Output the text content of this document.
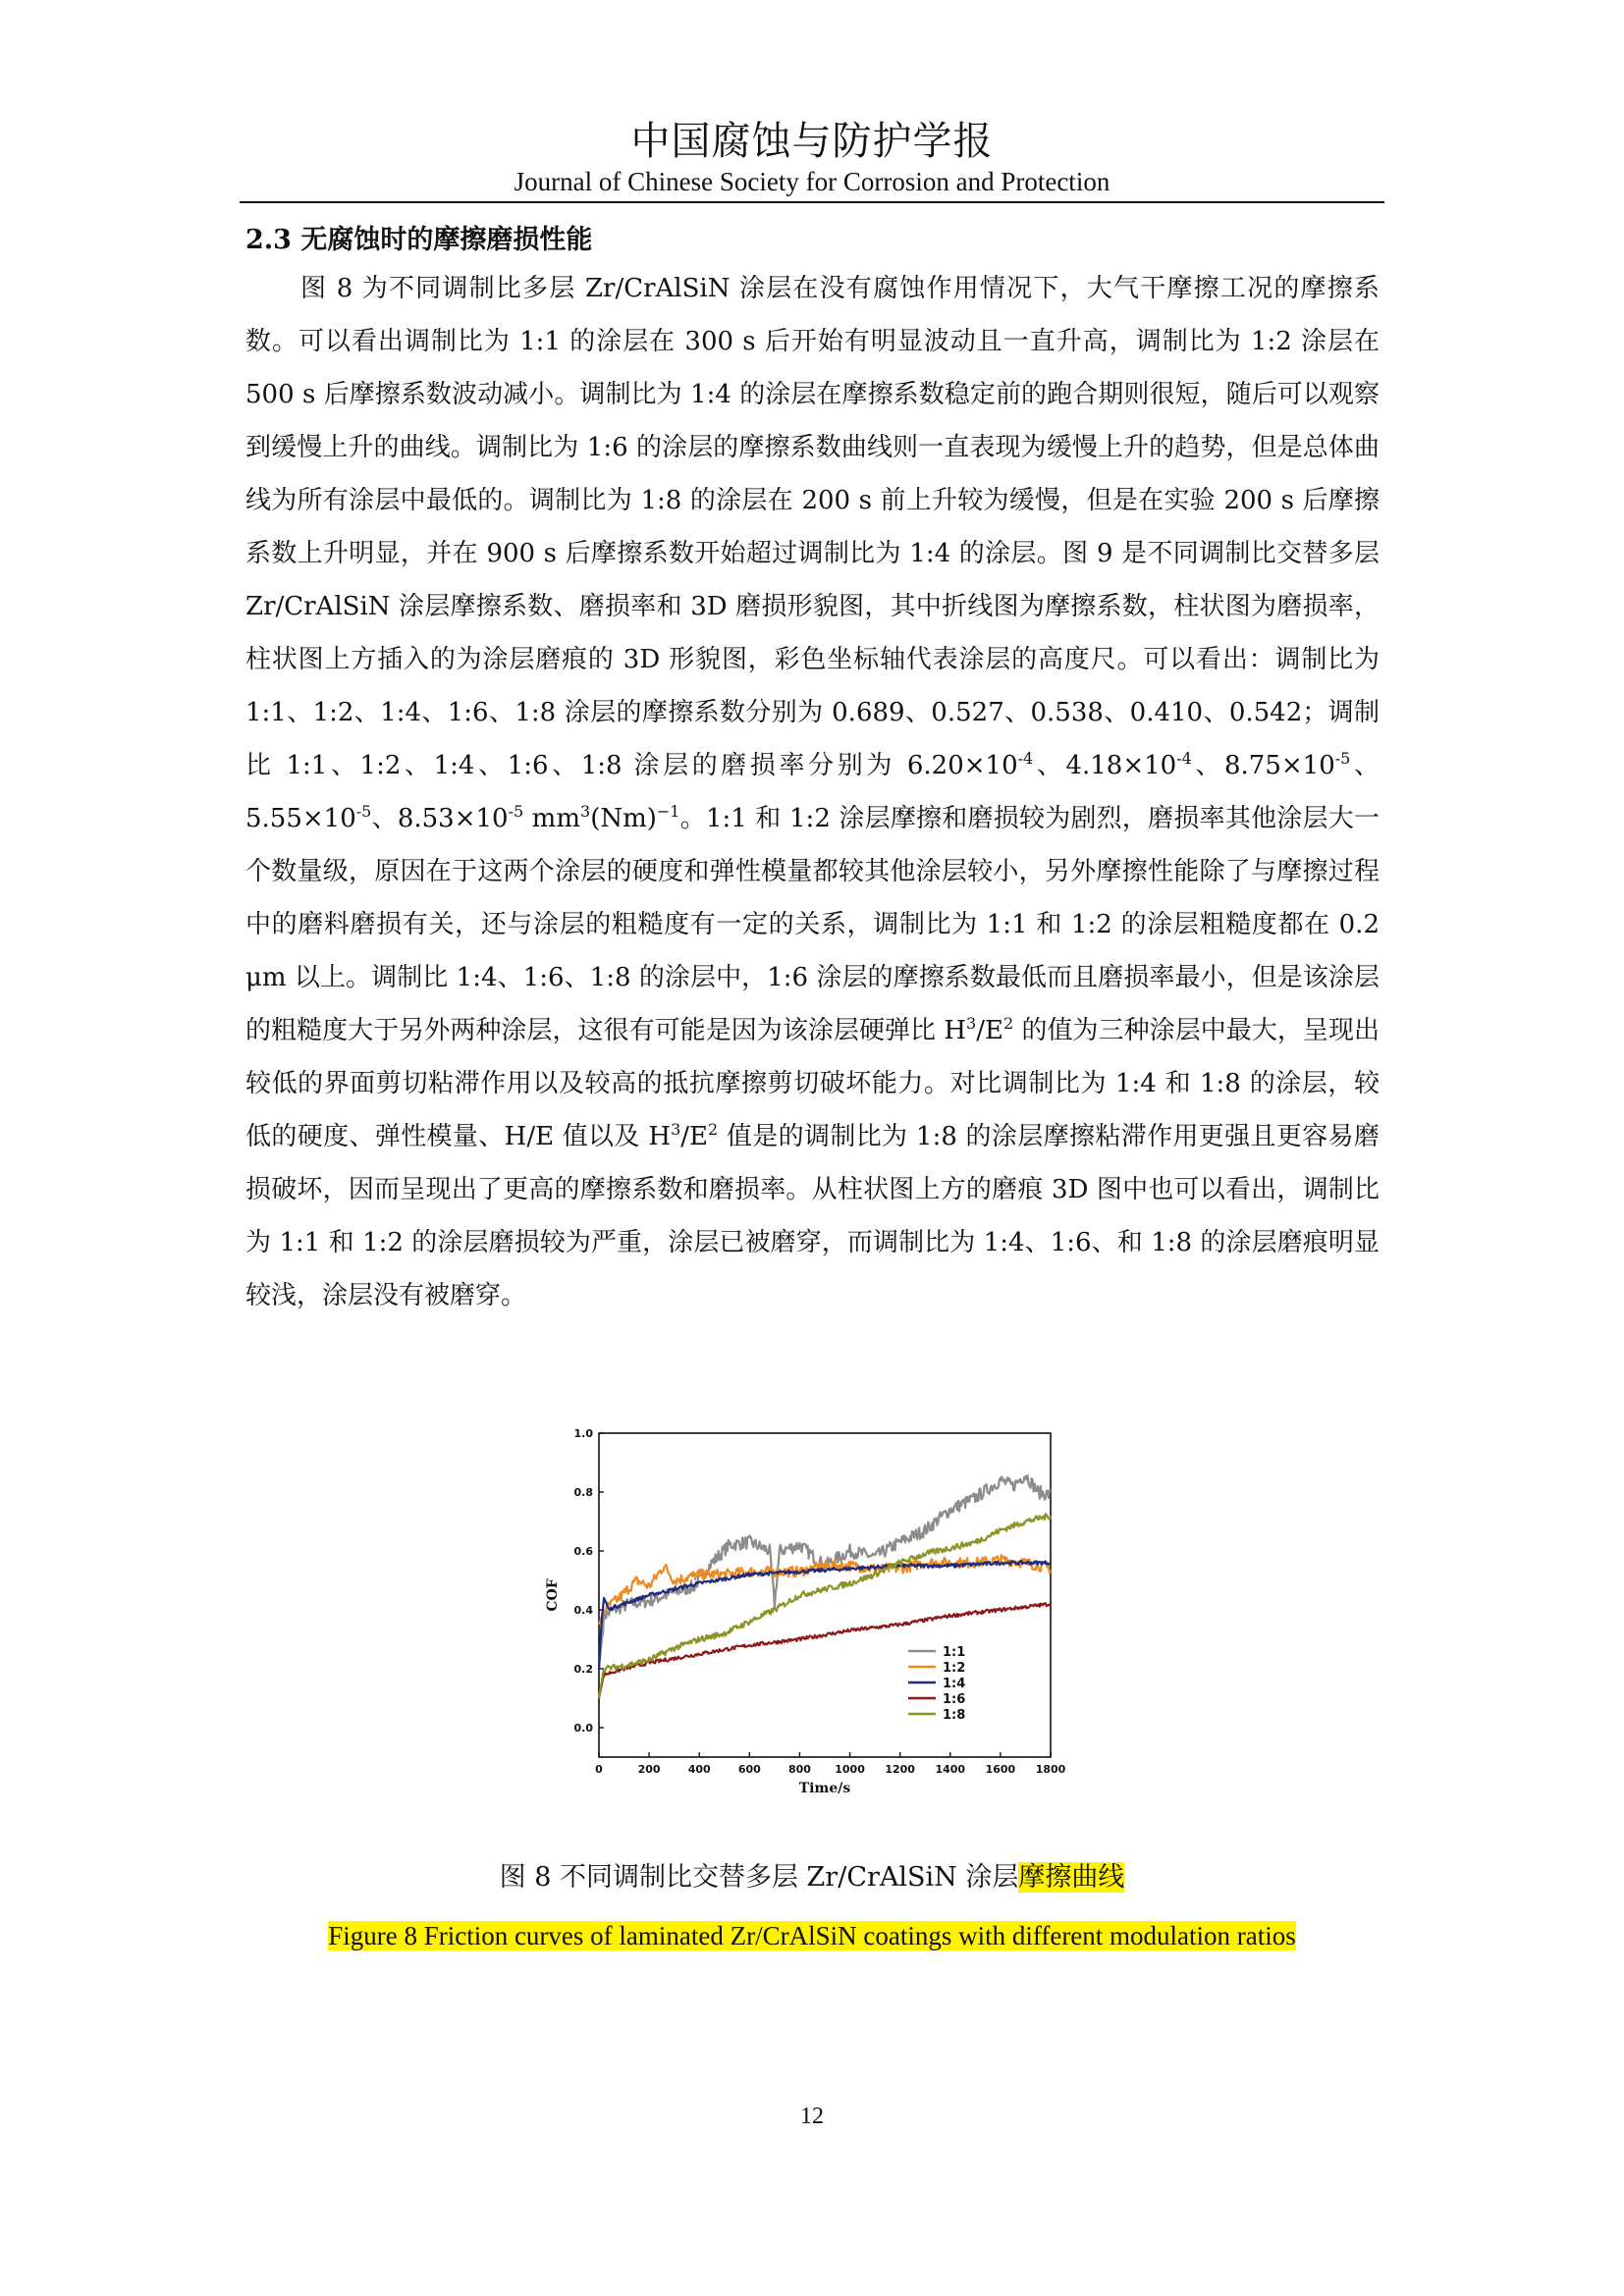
中国腐蚀与防护学报
Journal of Chinese Society for Corrosion and Protection
2.3 无腐蚀时的摩擦磨损性能
图 8 为不同调制比多层 Zr/CrAlSiN 涂层在没有腐蚀作用情况下，大气干摩擦工况的摩擦系数。可以看出调制比为 1:1 的涂层在 300 s 后开始有明显波动且一直升高，调制比为 1:2 涂层在 500 s 后摩擦系数波动减小。调制比为 1:4 的涂层在摩擦系数稳定前的跑合期则很短，随后可以观察到缓慢上升的曲线。调制比为 1:6 的涂层的摩擦系数曲线则一直表现为缓慢上升的趋势，但是总体曲线为所有涂层中最低的。调制比为 1:8 的涂层在 200 s 前上升较为缓慢，但是在实验 200 s 后摩擦系数上升明显，并在 900 s 后摩擦系数开始超过调制比为 1:4 的涂层。图 9 是不同调制比交替多层 Zr/CrAlSiN 涂层摩擦系数、磨损率和 3D 磨损形貌图，其中折线图为摩擦系数，柱状图为磨损率，柱状图上方插入的为涂层磨痕的 3D 形貌图，彩色坐标轴代表涂层的高度尺。可以看出：调制比为 1:1、1:2、1:4、1:6、1:8 涂层的摩擦系数分别为 0.689、0.527、0.538、0.410、0.542；调制比 1:1、1:2、1:4、1:6、1:8 涂层的磨损率分别为 $6.20\times 10^{-4}$、$4.18\times 10^{-4}$、$8.75\times 10^{-5}$、$5.55\times 10^{-5}$、$8.53\times 10^{-5}$ $mm^3(Nm)^{-1}$。1:1 和 1:2 涂层摩擦和磨损较为剧烈，磨损率其他涂层大一个数量级，原因在于这两个涂层的硬度和弹性模量都较其他涂层较小，另外摩擦性能除了与摩擦过程中的磨料磨损有关，还与涂层的粗糙度有一定的关系，调制比为 1:1 和 1:2 的涂层粗糙度都在 0.2 μm 以上。调制比 1:4、1:6、1:8 的涂层中，1:6 涂层的摩擦系数最低而且磨损率最小，但是该涂层的粗糙度大于另外两种涂层，这很有可能是因为该涂层硬弹比 $H^3/E^2$ 的值为三种涂层中最大，呈现出较低的界面剪切粘滞作用以及较高的抵抗摩擦剪切破坏能力。对比调制比为 1:4 和 1:8 的涂层，较低的硬度、弹性模量、H/E 值以及 $H^3/E^2$ 值是的调制比为 1:8 的涂层摩擦粘滞作用更强且更容易磨损破坏，因而呈现出了更高的摩擦系数和磨损率。从柱状图上方的磨痕 3D 图中也可以看出，调制比为 1:1 和 1:2 的涂层磨损较为严重，涂层已被磨穿，而调制比为 1:4、1:6、和 1:8 的涂层磨痕明显较浅，涂层没有被磨穿。
0.0
0.2
0.4
0.6
0.8
1.0
0	200	400	600	800 1000 1200 1400 1600 1800
Time/s
COF
1:1
1:2
1:4
1:6
1:8
图 8 不同调制比交替多层 Zr/CrAlSiN 涂层摩擦曲线
Figure 8 Friction curves of laminated Zr/CrAlSiN coatings with different modulation ratios
12
